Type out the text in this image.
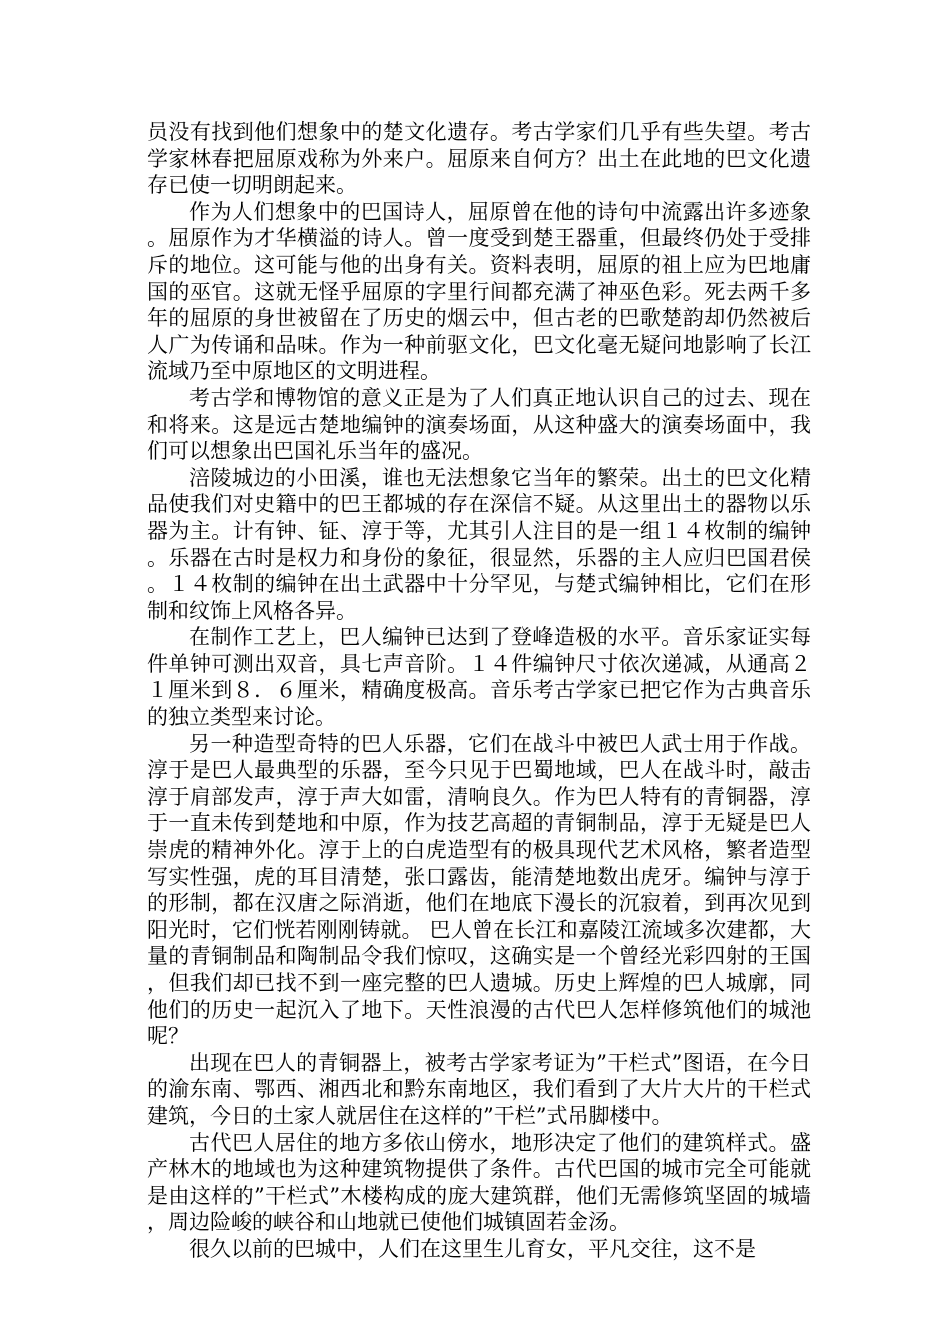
员没有找到他们想象中的楚文化遗存。考古学家们几乎有些失望。考古学家林春把屈原戏称为外来户。屈原来自何方？出土在此地的巴文化遗存已使一切明朗起来。

作为人们想象中的巴国诗人，屈原曾在他的诗句中流露出许多迹象。屈原作为才华横溢的诗人。曾一度受到楚王器重，但最终仍处于受排斥的地位。这可能与他的出身有关。资料表明，屈原的祖上应为巴地庸国的巫官。这就无怪乎屈原的字里行间都充满了神巫色彩。死去两千多年的屈原的身世被留在了历史的烟云中，但古老的巴歌楚韵却仍然被后人广为传诵和品味。作为一种前驱文化，巴文化毫无疑问地影响了长江流域乃至中原地区的文明进程。

考古学和博物馆的意义正是为了人们真正地认识自己的过去、现在和将来。这是远古楚地编钟的演奏场面，从这种盛大的演奏场面中，我们可以想象出巴国礼乐当年的盛况。

涪陵城边的小田溪，谁也无法想象它当年的繁荣。出土的巴文化精品使我们对史籍中的巴王都城的存在深信不疑。从这里出土的器物以乐器为主。计有钟、钲、淳于等，尤其引人注目的是一组１４枚制的编钟。乐器在古时是权力和身份的象征，很显然，乐器的主人应归巴国君侯。１４枚制的编钟在出土武器中十分罕见，与楚式编钟相比，它们在形制和纹饰上风格各异。

在制作工艺上，巴人编钟已达到了登峰造极的水平。音乐家证实每件单钟可测出双音，具七声音阶。１４件编钟尺寸依次递减，从通高２１厘米到８．６厘米，精确度极高。音乐考古学家已把它作为古典音乐的独立类型来讨论。

另一种造型奇特的巴人乐器，它们在战斗中被巴人武士用于作战。淳于是巴人最典型的乐器，至今只见于巴蜀地域，巴人在战斗时，敲击淳于肩部发声，淳于声大如雷，清响良久。作为巴人特有的青铜器，淳于一直未传到楚地和中原，作为技艺高超的青铜制品，淳于无疑是巴人崇虎的精神外化。淳于上的白虎造型有的极具现代艺术风格，繁者造型写实性强，虎的耳目清楚，张口露齿，能清楚地数出虎牙。编钟与淳于的形制，都在汉唐之际消逝，他们在地底下漫长的沉寂着，到再次见到阳光时，它们恍若刚刚铸就。 巴人曾在长江和嘉陵江流域多次建都，大量的青铜制品和陶制品令我们惊叹，这确实是一个曾经光彩四射的王国，但我们却已找不到一座完整的巴人遗城。历史上辉煌的巴人城廓，同他们的历史一起沉入了地下。天性浪漫的古代巴人怎样修筑他们的城池呢？

出现在巴人的青铜器上，被考古学家考证为”干栏式”图语，在今日的渝东南、鄂西、湘西北和黔东南地区，我们看到了大片大片的干栏式建筑，今日的土家人就居住在这样的”干栏”式吊脚楼中。

古代巴人居住的地方多依山傍水，地形决定了他们的建筑样式。盛产林木的地域也为这种建筑物提供了条件。古代巴国的城市完全可能就是由这样的”干栏式”木楼构成的庞大建筑群，他们无需修筑坚固的城墙，周边险峻的峡谷和山地就已使他们城镇固若金汤。

很久以前的巴城中，人们在这里生儿育女，平凡交往，这不是
